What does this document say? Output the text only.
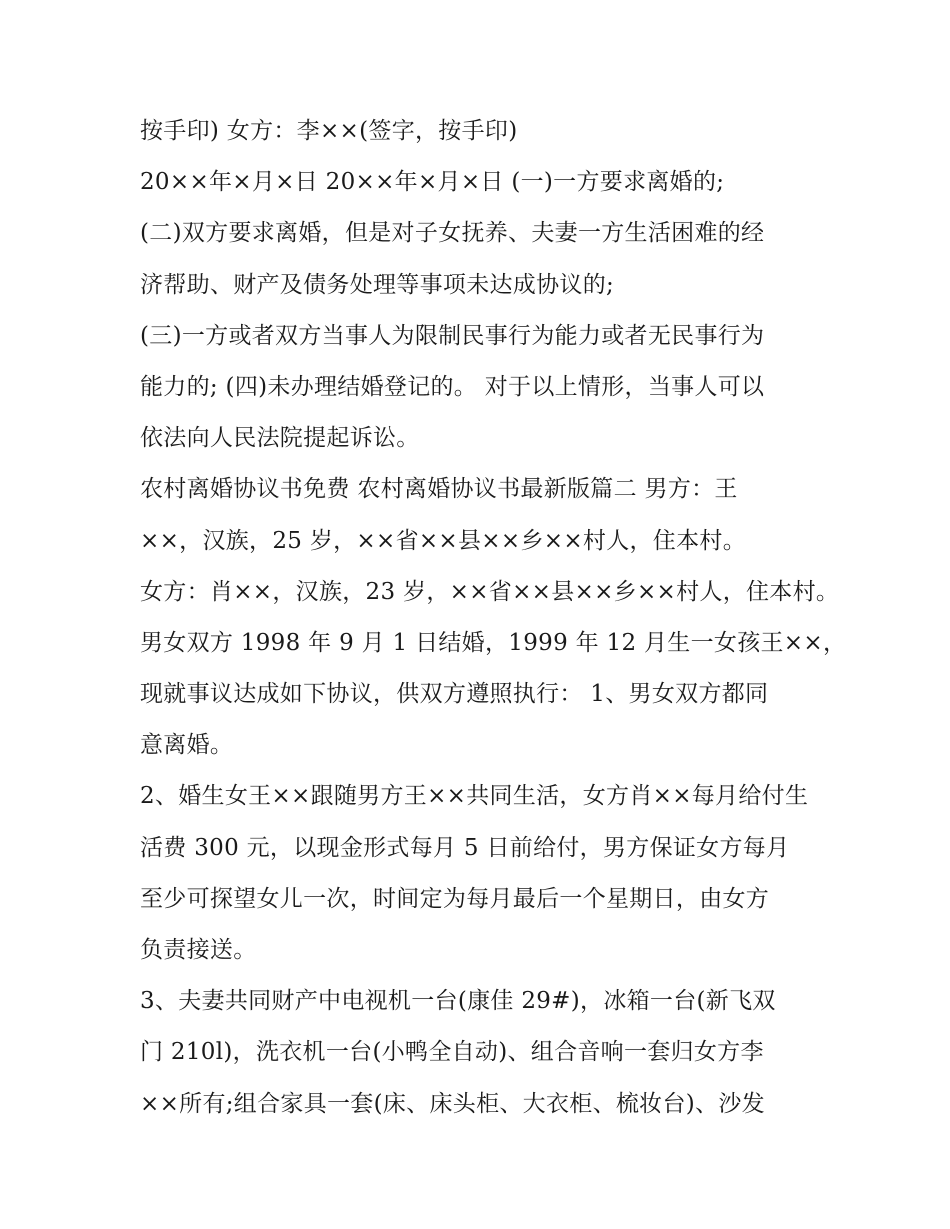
按手印) 女方：李××(签字，按手印)
20××年×月×日 20××年×月×日 (一)一方要求离婚的;
(二)双方要求离婚，但是对子女抚养、夫妻一方生活困难的经
济帮助、财产及债务处理等事项未达成协议的;
(三)一方或者双方当事人为限制民事行为能力或者无民事行为
能力的; (四)未办理结婚登记的。 对于以上情形，当事人可以
依法向人民法院提起诉讼。
农村离婚协议书免费 农村离婚协议书最新版篇二 男方：王
××，汉族，25 岁，××省××县××乡××村人，住本村。
女方：肖××，汉族，23 岁，××省××县××乡××村人，住本村。
男女双方 1998 年 9 月 1 日结婚，1999 年 12 月生一女孩王××，
现就事议达成如下协议，供双方遵照执行： 1、男女双方都同
意离婚。
2、婚生女王××跟随男方王××共同生活，女方肖××每月给付生
活费 300 元，以现金形式每月 5 日前给付，男方保证女方每月
至少可探望女儿一次，时间定为每月最后一个星期日，由女方
负责接送。
3、夫妻共同财产中电视机一台(康佳 29#)，冰箱一台(新飞双
门 210l)，洗衣机一台(小鸭全自动)、组合音响一套归女方李
××所有;组合家具一套(床、床头柜、大衣柜、梳妆台)、沙发
